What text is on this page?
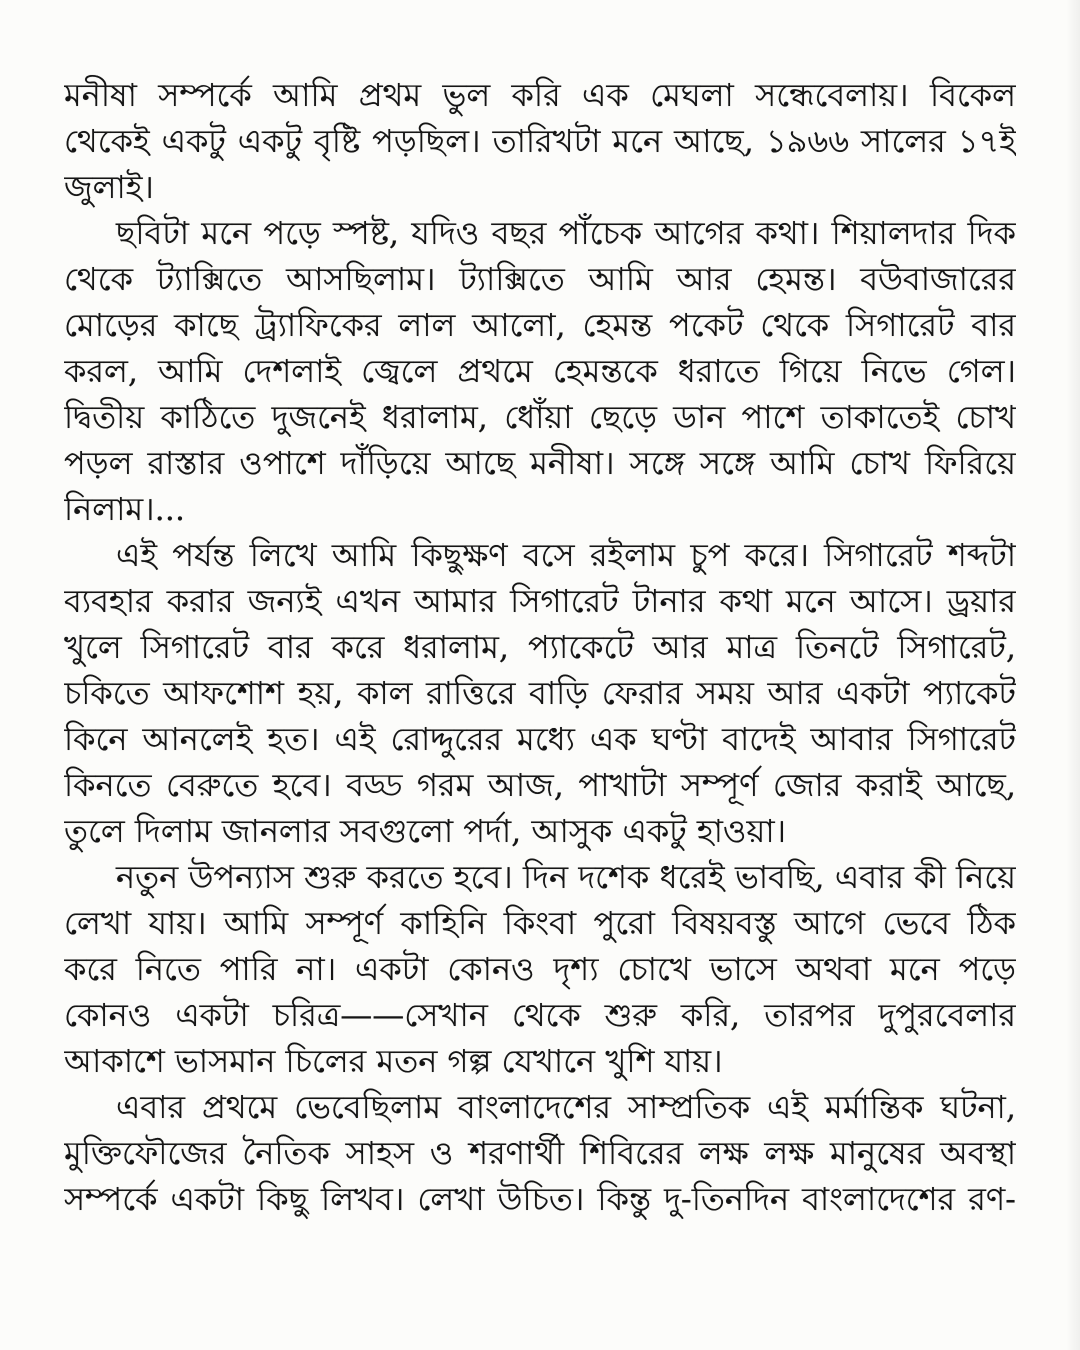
মনীষা সম্পর্কে আমি প্রথম ভুল করি এক মেঘলা সন্ধেবেলায়। বিকেল
থেকেই একটু একটু বৃষ্টি পড়ছিল। তারিখটা মনে আছে, ১৯৬৬ সালের ১৭ই
জুলাই।
ছবিটা মনে পড়ে স্পষ্ট, যদিও বছর পাঁচেক আগের কথা। শিয়ালদার দিক
থেকে ট্যাক্সিতে আসছিলাম। ট্যাক্সিতে আমি আর হেমন্ত। বউবাজারের
মোড়ের কাছে ট্র্যাফিকের লাল আলো, হেমন্ত পকেট থেকে সিগারেট বার
করল, আমি দেশলাই জ্বেলে প্রথমে হেমন্তকে ধরাতে গিয়ে নিভে গেল।
দ্বিতীয় কাঠিতে দুজনেই ধরালাম, ধোঁয়া ছেড়ে ডান পাশে তাকাতেই চোখ
পড়ল রাস্তার ওপাশে দাঁড়িয়ে আছে মনীষা। সঙ্গে সঙ্গে আমি চোখ ফিরিয়ে
নিলাম।...
এই পর্যন্ত লিখে আমি কিছুক্ষণ বসে রইলাম চুপ করে। সিগারেট শব্দটা
ব্যবহার করার জন্যই এখন আমার সিগারেট টানার কথা মনে আসে। ড্রয়ার
খুলে সিগারেট বার করে ধরালাম, প্যাকেটে আর মাত্র তিনটে সিগারেট,
চকিতে আফশোশ হয়, কাল রাত্তিরে বাড়ি ফেরার সময় আর একটা প্যাকেট
কিনে আনলেই হত। এই রোদ্দুরের মধ্যে এক ঘণ্টা বাদেই আবার সিগারেট
কিনতে বেরুতে হবে। বড্ড গরম আজ, পাখাটা সম্পূর্ণ জোর করাই আছে,
তুলে দিলাম জানলার সবগুলো পর্দা, আসুক একটু হাওয়া।
নতুন উপন্যাস শুরু করতে হবে। দিন দশেক ধরেই ভাবছি, এবার কী নিয়ে
লেখা যায়। আমি সম্পূর্ণ কাহিনি কিংবা পুরো বিষয়বস্তু আগে ভেবে ঠিক
করে নিতে পারি না। একটা কোনও দৃশ্য চোখে ভাসে অথবা মনে পড়ে
কোনও একটা চরিত্র——সেখান থেকে শুরু করি, তারপর দুপুরবেলার
আকাশে ভাসমান চিলের মতন গল্প যেখানে খুশি যায়।
এবার প্রথমে ভেবেছিলাম বাংলাদেশের সাম্প্রতিক এই মর্মান্তিক ঘটনা,
মুক্তিফৌজের নৈতিক সাহস ও শরণার্থী শিবিরের লক্ষ লক্ষ মানুষের অবস্থা
সম্পর্কে একটা কিছু লিখব। লেখা উচিত। কিন্তু দু-তিনদিন বাংলাদেশের রণ-
